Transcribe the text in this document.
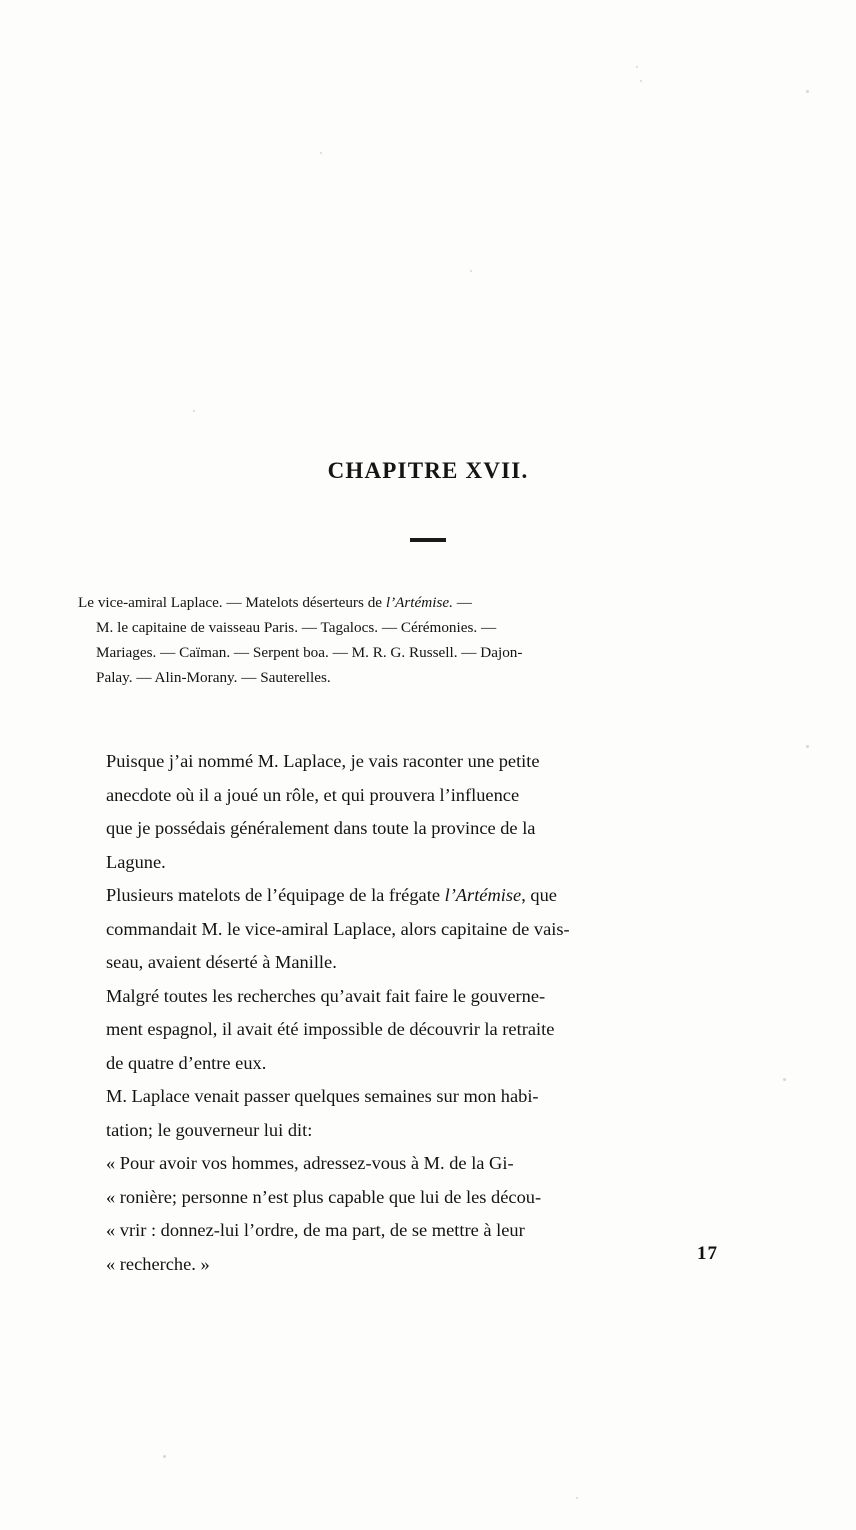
CHAPITRE XVII.
Le vice-amiral Laplace. — Matelots déserteurs de l’Artémise. —
M. le capitaine de vaisseau Paris. — Tagalocs. — Cérémonies. —
Mariages. — Caïman. — Serpent boa. — M. R. G. Russell. — Dajon-
Palay. — Alin-Morany. — Sauterelles.

Puisque j’ai nommé M. Laplace, je vais raconter une petite
anecdote où il a joué un rôle, et qui prouvera l’influence
que je possédais généralement dans toute la province de la
Lagune.

Plusieurs matelots de l’équipage de la frégate l’Artémise, que
commandait M. le vice-amiral Laplace, alors capitaine de vais-
seau, avaient déserté à Manille.

Malgré toutes les recherches qu’avait fait faire le gouverne-
ment espagnol, il avait été impossible de découvrir la retraite
de quatre d’entre eux.

M. Laplace venait passer quelques semaines sur mon habi-
tation; le gouverneur lui dit:

« Pour avoir vos hommes, adressez-vous à M. de la Gi-
« ronière; personne n’est plus capable que lui de les décou-
« vrir : donnez-lui l’ordre, de ma part, de se mettre à leur
« recherche. »	17
